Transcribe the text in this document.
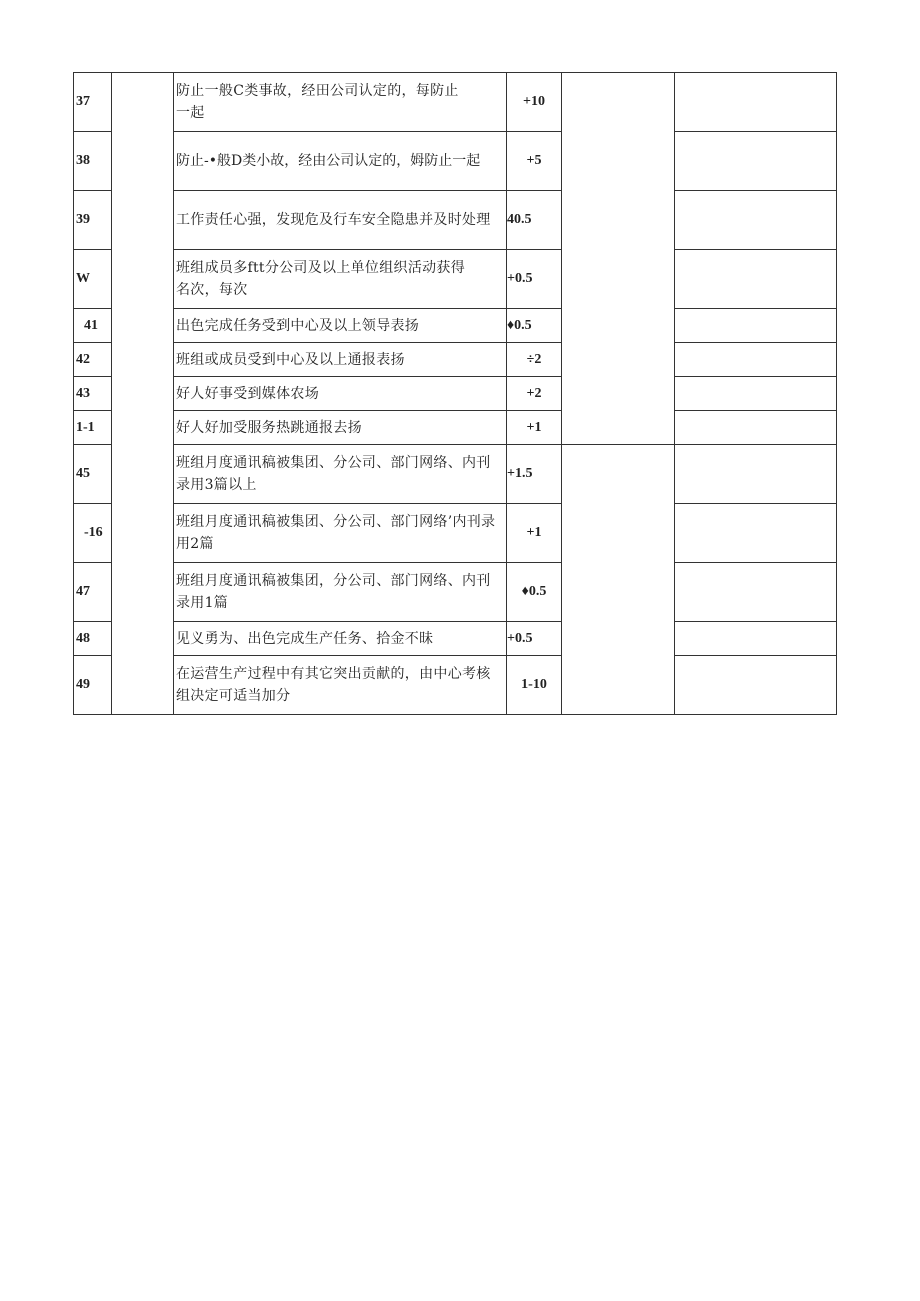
37		防止一般C类事故，经田公司认定的，每防止一起	+10		
38		防止-•般D类小故，经由公司认定的，姆防止一起	+5		
39		工作责任心强，发现危及行车安全隐患并及时处理	40.5		
W		班组成员多ftt分公司及以上单位组织活动获得名次，每次	+0.5		
41		出色完成任务受到中心及以上领导表扬	♦0.5		
42		班组或成员受到中心及以上通报表扬	÷2		
43		好人好事受到媒体农场	+2		
1-1		好人好加受服务热跳通报去扬	+1		
45		班组月度通讯稿被集团、分公司、部门网络、内刊录用3篇以上	+1.5		
-16		班组月度通讯稿被集团、分公司、部门网络’内刊录用2篇	+1		
47		班组月度通讯稿被集团，分公司、部门网络、内刊录用1篇	♦0.5		
48		见义勇为、出色完成生产任务、拾金不昧	+0.5		
49		在运营生产过程中有其它突出贡献的，由中心考核组决定可适当加分	1-10		
